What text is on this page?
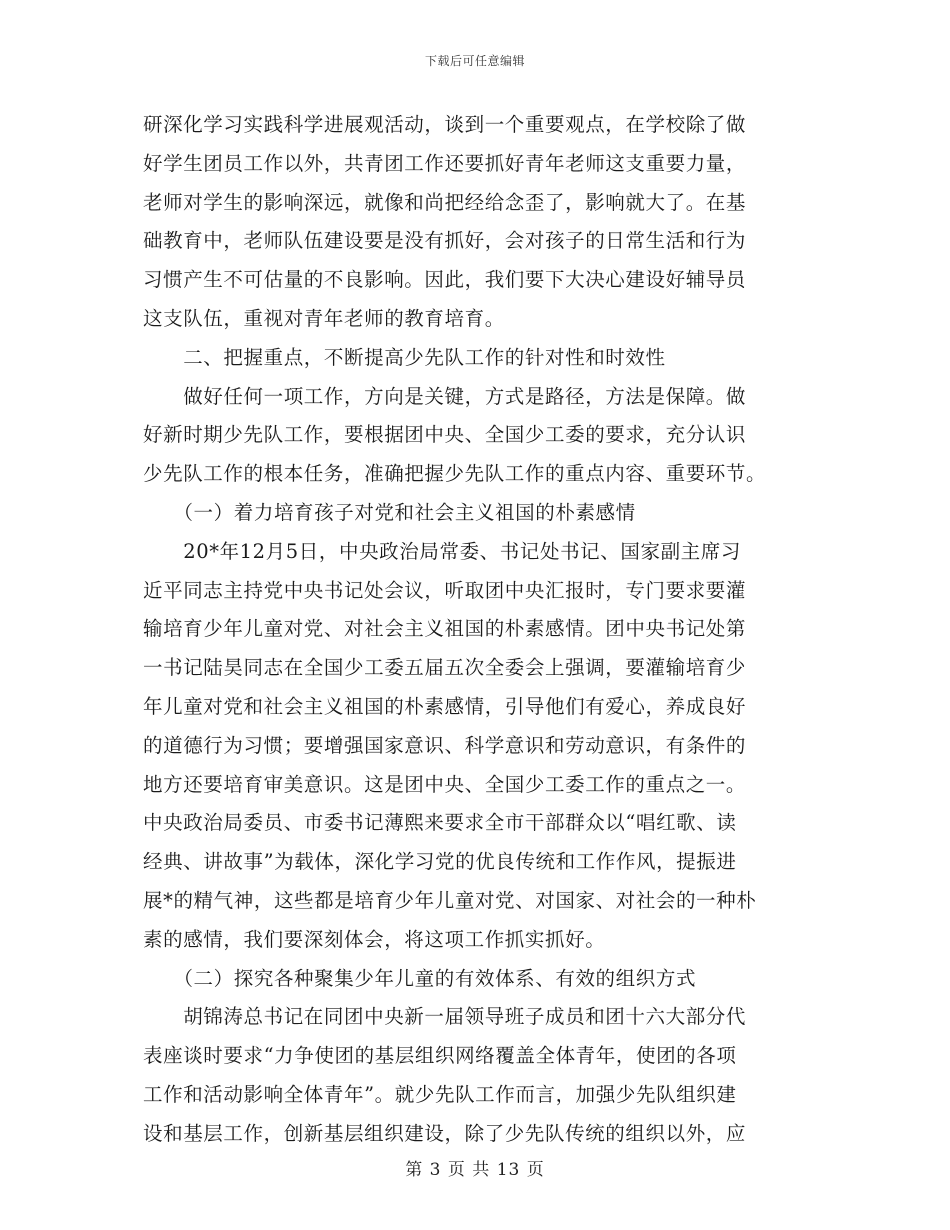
下载后可任意编辑
研深化学习实践科学进展观活动，谈到一个重要观点，在学校除了做
好学生团员工作以外，共青团工作还要抓好青年老师这支重要力量，
老师对学生的影响深远，就像和尚把经给念歪了，影响就大了。在基
础教育中，老师队伍建设要是没有抓好，会对孩子的日常生活和行为
习惯产生不可估量的不良影响。因此，我们要下大决心建设好辅导员
这支队伍，重视对青年老师的教育培育。
　　二、把握重点，不断提高少先队工作的针对性和时效性
　　做好任何一项工作，方向是关键，方式是路径，方法是保障。做
好新时期少先队工作，要根据团中央、全国少工委的要求，充分认识
少先队工作的根本任务，准确把握少先队工作的重点内容、重要环节。
　　（一）着力培育孩子对党和社会主义祖国的朴素感情
　　20*年12月5日，中央政治局常委、书记处书记、国家副主席习
近平同志主持党中央书记处会议，听取团中央汇报时，专门要求要灌
输培育少年儿童对党、对社会主义祖国的朴素感情。团中央书记处第
一书记陆昊同志在全国少工委五届五次全委会上强调，要灌输培育少
年儿童对党和社会主义祖国的朴素感情，引导他们有爱心，养成良好
的道德行为习惯；要增强国家意识、科学意识和劳动意识，有条件的
地方还要培育审美意识。这是团中央、全国少工委工作的重点之一。
中央政治局委员、市委书记薄熙来要求全市干部群众以“唱红歌、读
经典、讲故事”为载体，深化学习党的优良传统和工作作风，提振进
展*的精气神，这些都是培育少年儿童对党、对国家、对社会的一种朴
素的感情，我们要深刻体会，将这项工作抓实抓好。
　　（二）探究各种聚集少年儿童的有效体系、有效的组织方式
　　胡锦涛总书记在同团中央新一届领导班子成员和团十六大部分代
表座谈时要求“力争使团的基层组织网络覆盖全体青年，使团的各项
工作和活动影响全体青年”。就少先队工作而言，加强少先队组织建
设和基层工作，创新基层组织建设，除了少先队传统的组织以外，应
第 3 页 共 13 页
